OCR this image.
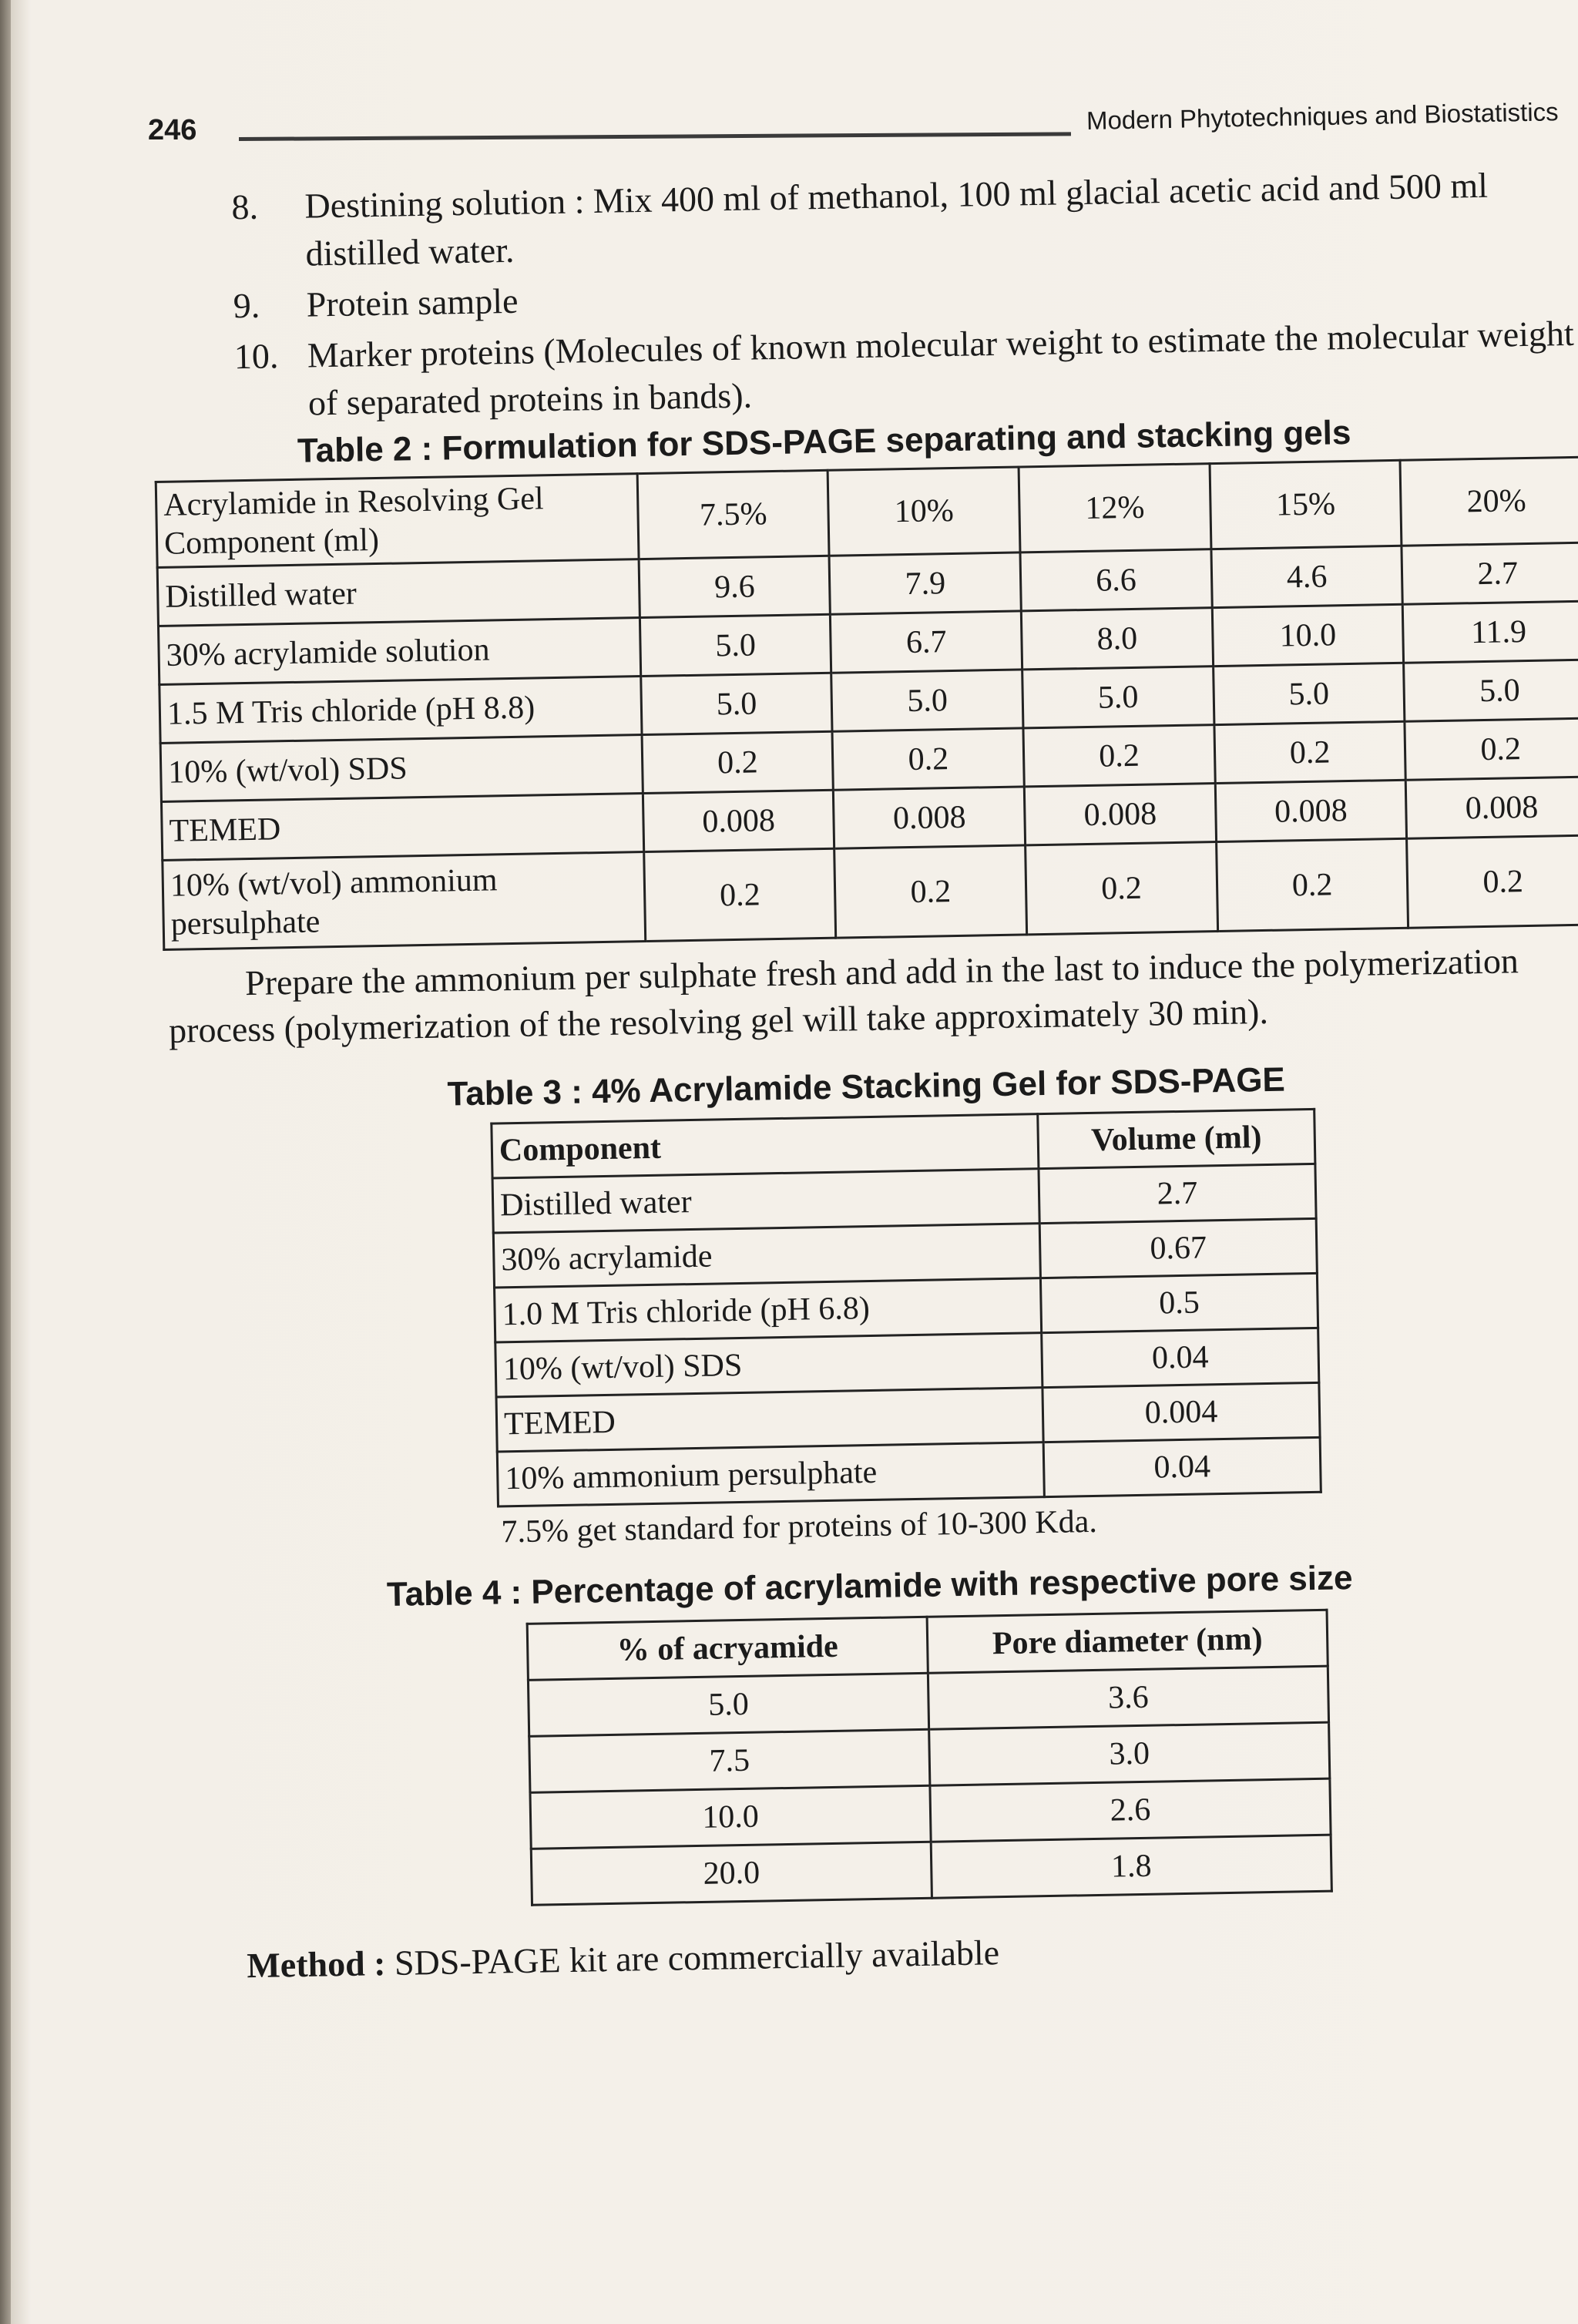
246	Modern Phytotechniques and Biostatistics
8. Destining solution : Mix 400 ml of methanol, 100 ml glacial acetic acid and 500 ml distilled water.
9. Protein sample
10. Marker proteins (Molecules of known molecular weight to estimate the molecular weight of separated proteins in bands).
Table 2 : Formulation for SDS-PAGE separating and stacking gels
Acrylamide in Resolving Gel Component (ml)	7.5%	10%	12%	15%	20%
Distilled water	9.6	7.9	6.6	4.6	2.7
30% acrylamide solution	5.0	6.7	8.0	10.0	11.9
1.5 M Tris chloride (pH 8.8)	5.0	5.0	5.0	5.0	5.0
10% (wt/vol) SDS	0.2	0.2	0.2	0.2	0.2
TEMED	0.008	0.008	0.008	0.008	0.008
10% (wt/vol) ammonium persulphate	0.2	0.2	0.2	0.2	0.2

Prepare the ammonium per sulphate fresh and add in the last to induce the polymerization process (polymerization of the resolving gel will take approximately 30 min).

Table 3 : 4% Acrylamide Stacking Gel for SDS-PAGE
Component	Volume (ml)
Distilled water	2.7
30% acrylamide	0.67
1.0 M Tris chloride (pH 6.8)	0.5
10% (wt/vol) SDS	0.04
TEMED	0.004
10% ammonium persulphate	0.04
7.5% get standard for proteins of 10-300 Kda.
Table 4 : Percentage of acrylamide with respective pore size
% of acryamide	Pore diameter (nm)
5.0	3.6
7.5	3.0
10.0	2.6
20.0	1.8
Method : SDS-PAGE kit are commercially available
